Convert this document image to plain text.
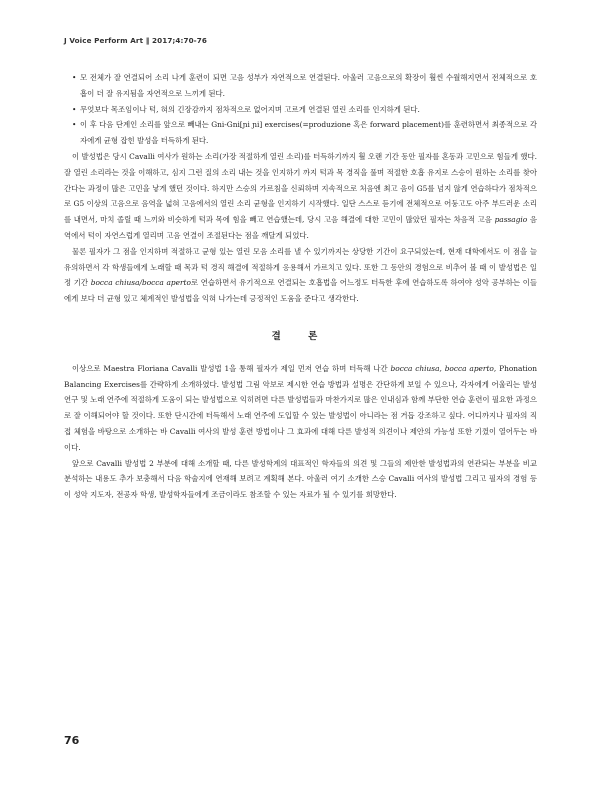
J Voice Perform Art ‖ 2017;4:70-76
• 모 전체가 잘 연결되어 소리 나게 훈련이 되면 고음 성부가 자연적으로 연결된다. 아울러 고음으로의 확장이 훨씬 수월해지면서 전체적으로 호흡이 더 잘 유지됨을 자연적으로 느끼게 된다.
• 무엇보다 목조임이나 턱, 혀의 긴장감까지 점차적으로 없어지며 고르게 연결된 열린 소리를 인지하게 된다.
• 이 후 다음 단계인 소리를 앞으로 빼내는 Gni-Gni[ɲi ɲi] exercises(=produzione 혹은 forward placement)를 훈련하면서 최종적으로 각자에게 균형 잡힌 발성을 터득하게 된다.

이 발성법은 당시 Cavalli 여사가 원하는 소리(가장 적절하게 열린 소리)를 터득하기까지 훨 오랜 기간 동안 필자를 혼동과 고민으로 힘들게 했다. 잘 열린 소리라는 것을 이해하고, 심지 그런 질의 소리 내는 것을 인지하기 까지 턱과 목 경직을 풀며 적절한 호흡 유지로 스승이 원하는 소리를 찾아간다는 과정이 많은 고민을 낳게 했던 것이다. 하지만 스승의 가르침을 신뢰하며 지속적으로 처음엔 최고 음이 G5를 넘지 않게 연습하다가 점차적으로 G5 이상의 고음으로 음역을 넓혀 고음에서의 열린 소리 균형을 인지하기 시작했다. 일단 스스로 듣기에 전체적으로 어둥고도 아주 부드러운 소리를 내면서, 마치 졸릴 때 느끼와 비슷하게 턱과 목에 힘을 빼고 연습했는데, 당시 고음 해결에 대한 고민이 많았던 필자는 차음적 고음 passagio 음역에서 턱이 자연스럽게 열리며 고음 연결이 조절된다는 점을 깨달게 되었다.

물론 필자가 그 점을 인지하며 적절하고 균형 있는 열린 모음 소리를 낼 수 있기까지는 상당한 기간이 요구되었는데, 현재 대학에서도 이 점을 늘 유의하면서 각 학생들에게 노래할 때 목과 턱 경직 해결에 적절하게 응용해서 가르치고 있다. 또한 그 동안의 경험으로 비추어 볼 때 이 발성법은 일정 기간 bocca chiusa/bocca aperto로 연습하면서 유기적으로 연결되는 호흡법을 어느정도 터득한 후에 연습하도록 하여야 성악 공부하는 이들에게 보다 더 균형 있고 체계적인 발성법을 익혀 나가는데 긍정적인 도움을 준다고 생각한다.

결 론

이상으로 Maestra Floriana Cavalli 발성법 1을 통해 필자가 제일 먼저 연습 하며 터득해 나간 bocca chiusa, bocca aperto, Phonation Balancing Exercises를 간략하게 소개하였다. 발성법 그림 악보로 제시한 연습 방법과 설명은 간단하게 보일 수 있으나, 각자에게 어울리는 발성 연구 및 노래 연주에 적절하게 도움이 되는 발성법으로 익히려면 다른 발성법들과 마찬가지로 많은 인내심과 함께 부단한 연습 훈련이 필요한 과정으로 잘 이해되어야 할 것이다. 또한 단시간에 터득해서 노래 연주에 도입할 수 있는 발성법이 아니라는 점 거듭 강조하고 싶다. 어디까지나 필자의 직접 체험을 바탕으로 소개하는 바 Cavalli 여사의 발성 훈련 방법이나 그 효과에 대해 다른 발성적 의견이나 제안의 가능성 또한 기껐이 열어두는 바이다.

앞으로 Cavalli 발성법 2 부분에 대해 소개할 때, 다른 발성학계의 대표적인 학자들의 의견 및 그들의 제안한 발성법과의 연관되는 부분을 비교 분석하는 내용도 추가 보충해서 다음 학술지에 연재해 보려고 계획해 본다. 아울러 여기 소개한 스승 Cavalli 여사의 발성법 그리고 필자의 경험 등이 성악 지도자, 전공자 학생, 발성학자들에게 조금이라도 참조할 수 있는 자료가 될 수 있기를 희망한다.

76
